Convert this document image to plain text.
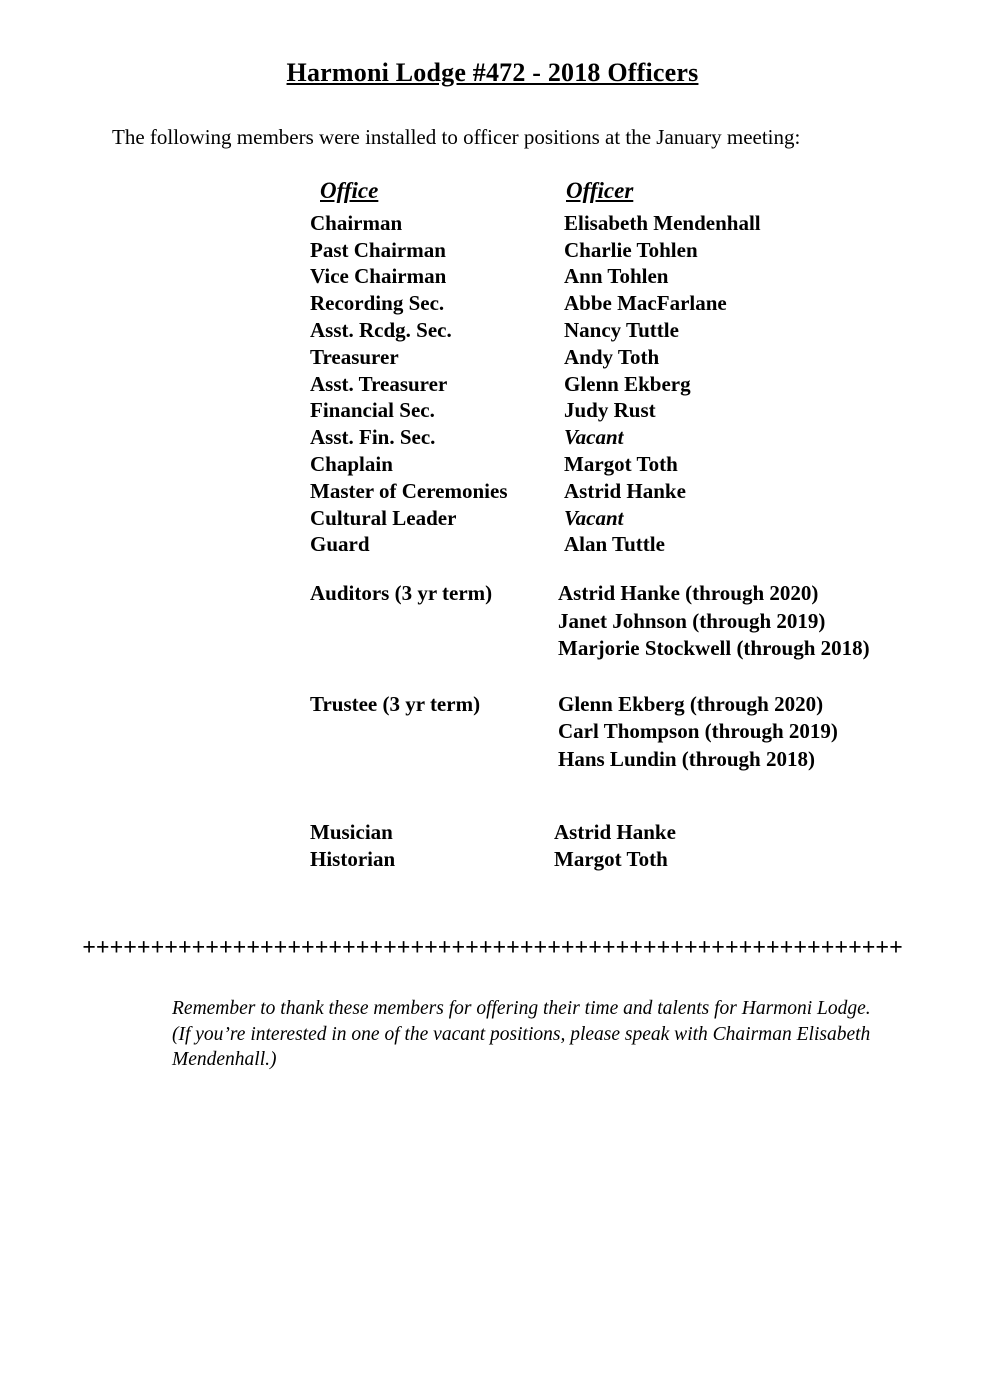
Harmoni Lodge #472 - 2018 Officers
The following members were installed to officer positions at the January meeting:
Office	Officer
Chairman	Elisabeth Mendenhall
Past Chairman	Charlie Tohlen
Vice Chairman	Ann Tohlen
Recording Sec.	Abbe MacFarlane
Asst. Rcdg. Sec.	Nancy Tuttle
Treasurer	Andy Toth
Asst. Treasurer	Glenn Ekberg
Financial Sec.	Judy Rust
Asst. Fin. Sec.	Vacant
Chaplain	Margot Toth
Master of Ceremonies	Astrid Hanke
Cultural Leader	Vacant
Guard	Alan Tuttle
Auditors (3 yr term)	Astrid Hanke (through 2020)
Janet Johnson (through 2019)
Marjorie Stockwell (through 2018)
Trustee (3 yr term)	Glenn Ekberg (through 2020)
Carl Thompson (through 2019)
Hans Lundin (through 2018)
Musician	Astrid Hanke
Historian	Margot Toth
++++++++++++++++++++++++++++++++++++++++++++++++++++++++++++
Remember to thank these members for offering their time and talents for Harmoni Lodge.
(If you’re interested in one of the vacant positions, please speak with Chairman Elisabeth
Mendenhall.)
